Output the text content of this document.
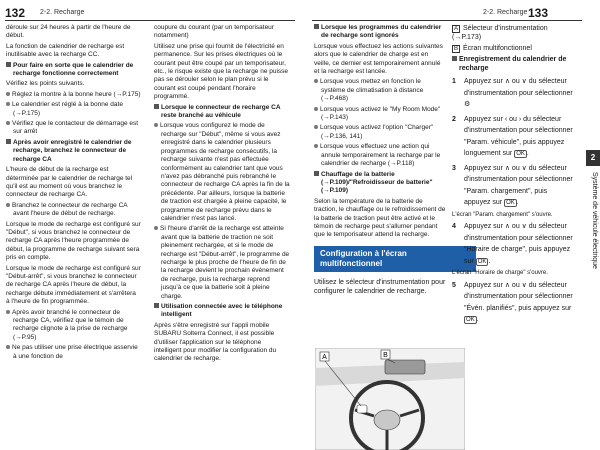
132 2-2. Recharge	2-2. Recharge 133

déroule sur 24 heures à partir de l'heure de début.

La fonction de calendrier de recharge est inutilisable avec la recharge CC.

Pour faire en sorte que le calendrier de recharge fonctionne correctement

Vérifiez les points suivants.

Réglez la montre à la bonne heure (→P.175)

Le calendrier est réglé à la bonne date (→P.175)

Vérifiez que le contacteur de démarrage est sur arrêt

Après avoir enregistré le calendrier de recharge, branchez le connecteur de recharge CA

L'heure de début de la recharge est déterminée par le calendrier de recharge tel qu'il est au moment où vous branchez le connecteur de recharge CA.

Branchez le connecteur de recharge CA avant l'heure de début de recharge.

Lorsque le mode de recharge est configuré sur "Début", si vous branchez le connecteur de recharge CA après l'heure programmée de début, la programme de recharge suivant sera pris en compte.

Lorsque le mode de recharge est configuré sur "Début-arrêt", si vous branchez le connecteur de recharge CA après l'heure de début, la recharge débute immédiatement et s'arrêtera à l'heure de fin programmée.

Après avoir branché le connecteur de recharge CA, vérifiez que le témoin de recharge clignote à la prise de recharge (→P.95)

Ne pas utiliser une prise électrique asservie à une fonction de

coupure du courant (par un temporisateur notamment)

Utilisez une prise qui fournit de l'électricité en permanence. Sur les prises électriques où le courant peut être coupé par un temporisateur, etc., le risque existe que la recharge ne puisse pas se dérouler selon le plan prévu si le courant est coupé pendant l'horaire programmé.

Lorsque le connecteur de recharge CA reste branché au véhicule

Lorsque vous configurez le mode de recharge sur "Début", même si vous avez enregistré dans le calendrier plusieurs programmes de recharge consécutifs, la recharge suivante n'est pas effectuée conformément au calendrier tant que vous n'avez pas débranché puis rebranché le connecteur de recharge CA après la fin de la précédente. Par ailleurs, lorsque la batterie de traction est chargée à pleine capacité, le programme de recharge prévu dans le calendrier n'est pas lancé.

Si l'heure d'arrêt de la recharge est atteinte avant que la batterie de traction ne soit pleinement rechargée, et si le mode de recharge est "Début-arrêt", le programme de recharge le plus proche de l'heure de fin de la recharge devient le prochain événement de recharge, puis la recharge reprend jusqu'à ce que la batterie soit à pleine charge.

Utilisation connectée avec le téléphone intelligent

Après s'être enregistré sur l'appli mobile SUBARU Solterra Connect, il est possible d'utiliser l'application sur le téléphone intelligent pour modifier la configuration du calendrier de recharge.

Lorsque les programmes du calendrier de recharge sont ignorés

Lorsque vous effectuez les actions suivantes alors que le calendrier de charge est en veille, ce dernier est temporairement annulé et la recharge est lancée.

Lorsque vous mettez en fonction le système de climatisation à distance (→P.468)

Lorsque vous activez le "My Room Mode" (→P.143)

Lorsque vous activez l'option "Charger" (→P.136, 141)

Lorsque vous effectuez une action qui annule temporairement la recharge par le calendrier de recharge (→P.118)

Chauffage de la batterie (→P.109)/"Refroidisseur de batterie" (→P.109)

Selon la température de la batterie de traction, le chauffage ou le refroidissement de la batterie de traction peut être activé et le témoin de recharge peut s'allumer pendant que le temporisateur attend la recharge.

Configuration à l'écran multifonctionnel

Utilisez le sélecteur d'instrumentation pour configurer le calendrier de recharge.

A	B

A Sélecteur d'instrumentation (→P.173)

B Écran multifonctionnel

Enregistrement du calendrier de recharge

1	Appuyez sur ∧ ou ∨ du sélecteur d'instrumentation pour sélectionner ⚙
2	Appuyez sur ‹ ou › du sélecteur d'instrumentation pour sélectionner "Param. véhicule", puis appuyez longuement sur OK .
3	Appuyez sur ∧ ou ∨ du sélecteur d'instrumentation pour sélectionner "Param. chargement", puis appuyez sur OK .

L'écran "Param. chargement" s'ouvre.

4	Appuyez sur ∧ ou ∨ du sélecteur d'instrumentation pour sélectionner "Horaire de charge", puis appuyez sur OK .

L'écran "Horaire de charge" s'ouvre.

5	Appuyez sur ∧ ou ∨ du sélecteur d'instrumentation pour sélectionner "Évén. planifiés", puis appuyez sur OK .
2
Système de véhicule électrique
